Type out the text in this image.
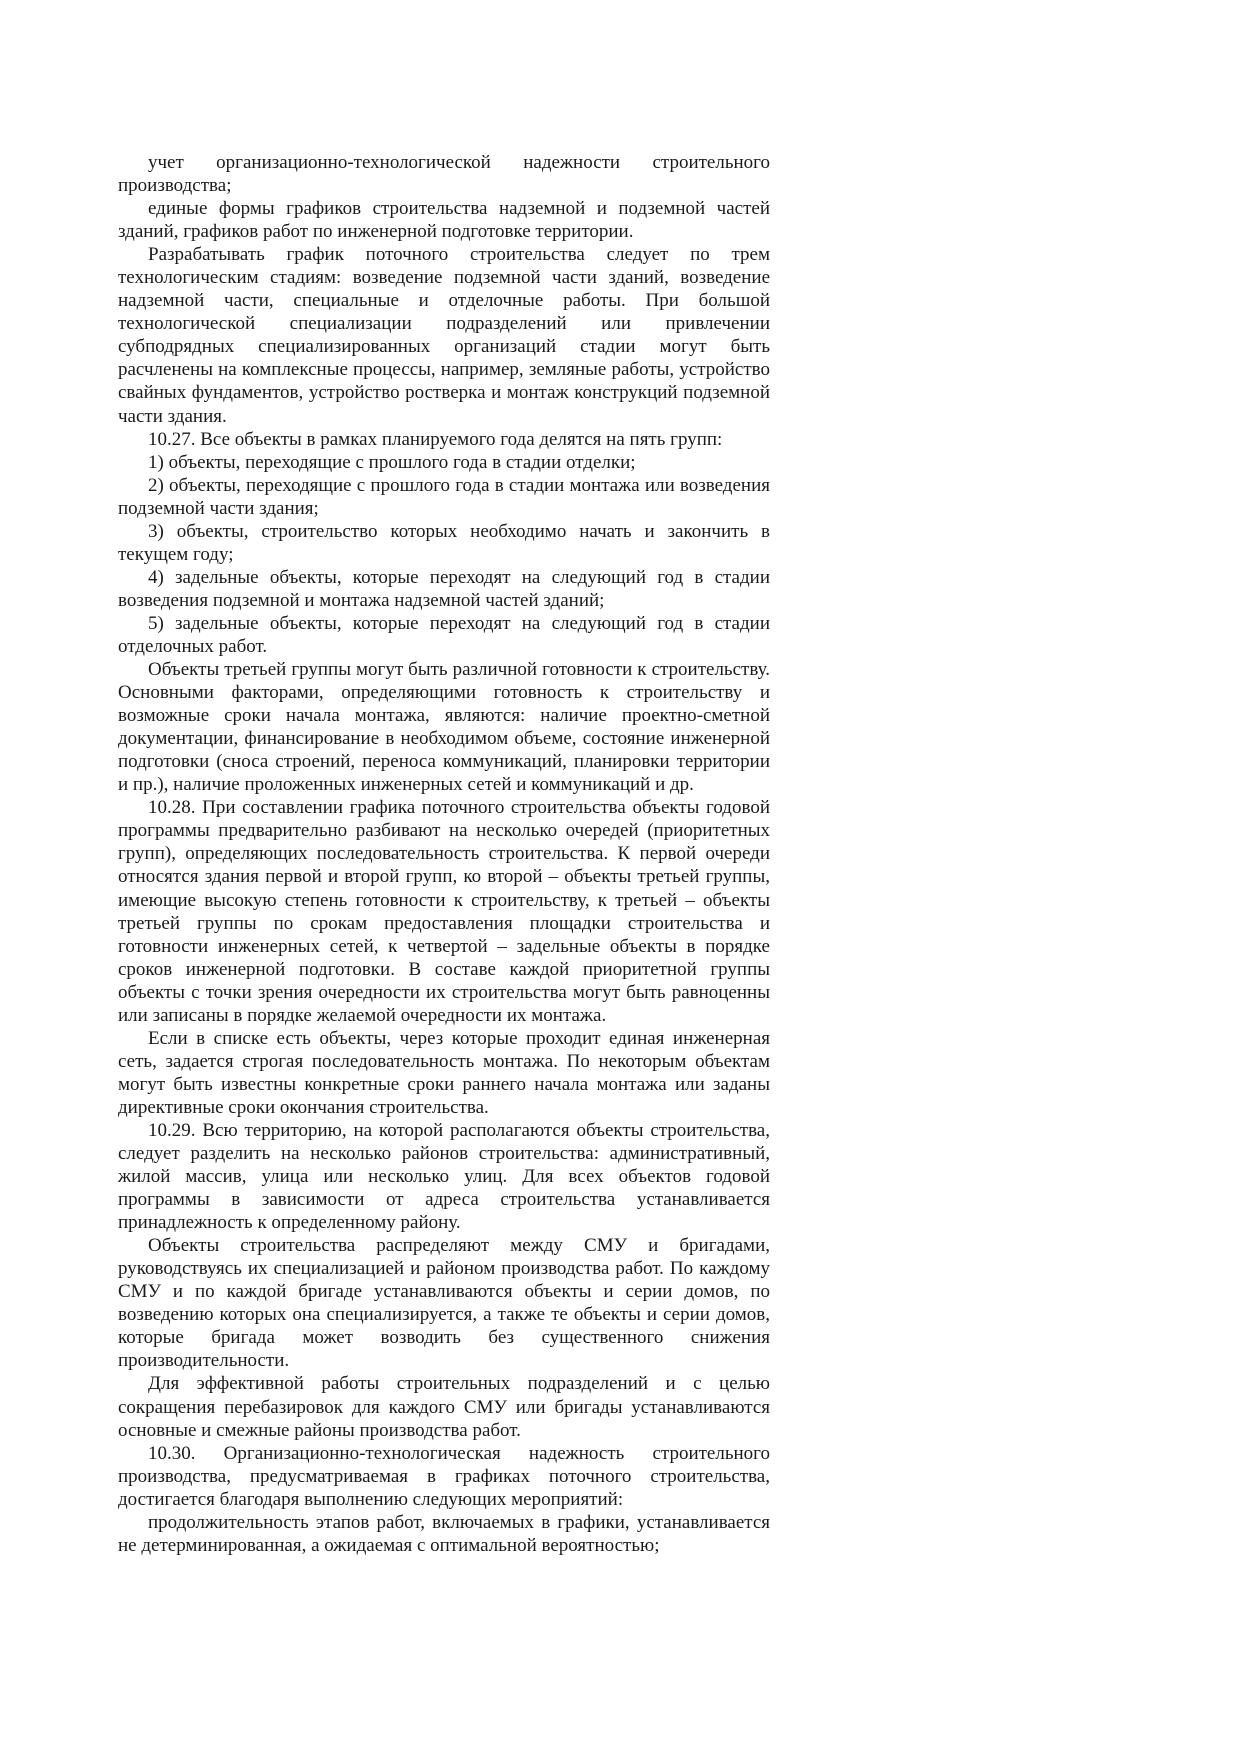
учет организационно-технологической надежности строительного производства;

единые формы графиков строительства надземной и подземной частей зданий, графиков работ по инженерной подготовке территории.

Разрабатывать график поточного строительства следует по трем технологическим стадиям: возведение подземной части зданий, возведение надземной части, специальные и отделочные работы. При большой технологической специализации подразделений или привлечении субподрядных специализированных организаций стадии могут быть расчленены на комплексные процессы, например, земляные работы, устройство свайных фундаментов, устройство ростверка и монтаж конструкций подземной части здания.

10.27. Все объекты в рамках планируемого года делятся на пять групп:

1) объекты, переходящие с прошлого года в стадии отделки;

2) объекты, переходящие с прошлого года в стадии монтажа или возведения подземной части здания;

3) объекты, строительство которых необходимо начать и закончить в текущем году;

4) задельные объекты, которые переходят на следующий год в стадии возведения подземной и монтажа надземной частей зданий;

5) задельные объекты, которые переходят на следующий год в стадии отделочных работ.

Объекты третьей группы могут быть различной готовности к строительству. Основными факторами, определяющими готовность к строительству и возможные сроки начала монтажа, являются: наличие проектно-сметной документации, финансирование в необходимом объеме, состояние инженерной подготовки (сноса строений, переноса коммуникаций, планировки территории и пр.), наличие проложенных инженерных сетей и коммуникаций и др.

10.28. При составлении графика поточного строительства объекты годовой программы предварительно разбивают на несколько очередей (приоритетных групп), определяющих последовательность строительства. К первой очереди относятся здания первой и второй групп, ко второй – объекты третьей группы, имеющие высокую степень готовности к строительству, к третьей – объекты третьей группы по срокам предоставления площадки строительства и готовности инженерных сетей, к четвертой – задельные объекты в порядке сроков инженерной подготовки. В составе каждой приоритетной группы объекты с точки зрения очередности их строительства могут быть равноценны или записаны в порядке желаемой очередности их монтажа.

Если в списке есть объекты, через которые проходит единая инженерная сеть, задается строгая последовательность монтажа. По некоторым объектам могут быть известны конкретные сроки раннего начала монтажа или заданы директивные сроки окончания строительства.

10.29. Всю территорию, на которой располагаются объекты строительства, следует разделить на несколько районов строительства: административный, жилой массив, улица или несколько улиц. Для всех объектов годовой программы в зависимости от адреса строительства устанавливается принадлежность к определенному району.

Объекты строительства распределяют между СМУ и бригадами, руководствуясь их специализацией и районом производства работ. По каждому СМУ и по каждой бригаде устанавливаются объекты и серии домов, по возведению которых она специализируется, а также те объекты и серии домов, которые бригада может возводить без существенного снижения производительности.

Для эффективной работы строительных подразделений и с целью сокращения перебазировок для каждого СМУ или бригады устанавливаются основные и смежные районы производства работ.

10.30. Организационно-технологическая надежность строительного производства, предусматриваемая в графиках поточного строительства, достигается благодаря выполнению следующих мероприятий:

продолжительность этапов работ, включаемых в графики, устанавливается не детерминированная, а ожидаемая с оптимальной вероятностью;
